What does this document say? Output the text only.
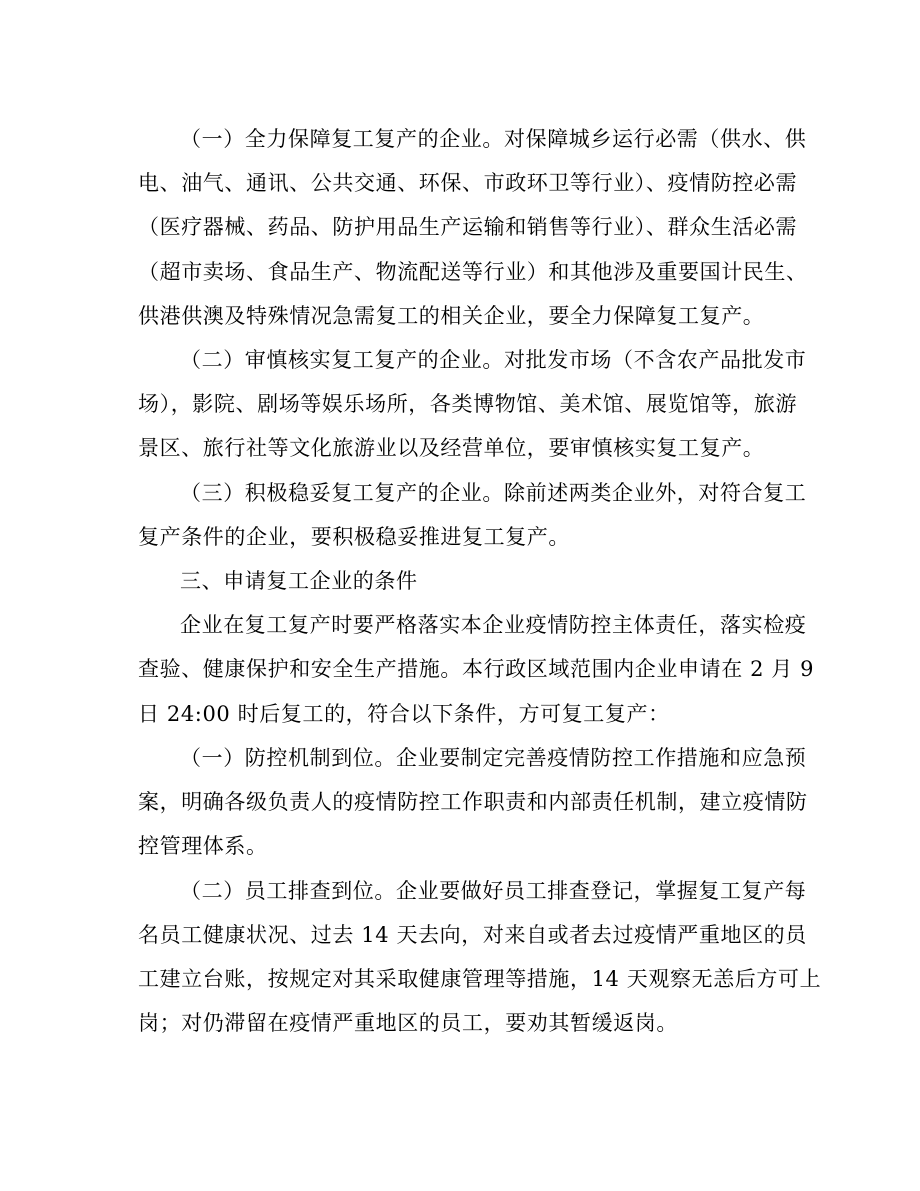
（一）全力保障复工复产的企业。对保障城乡运行必需（供水、供

电、油气、通讯、公共交通、环保、市政环卫等行业）、疫情防控必需

（医疗器械、药品、防护用品生产运输和销售等行业）、群众生活必需

（超市卖场、食品生产、物流配送等行业）和其他涉及重要国计民生、

供港供澳及特殊情况急需复工的相关企业，要全力保障复工复产。

（二）审慎核实复工复产的企业。对批发市场（不含农产品批发市

场），影院、剧场等娱乐场所，各类博物馆、美术馆、展览馆等，旅游

景区、旅行社等文化旅游业以及经营单位，要审慎核实复工复产。

（三）积极稳妥复工复产的企业。除前述两类企业外，对符合复工

复产条件的企业，要积极稳妥推进复工复产。

三、申请复工企业的条件

企业在复工复产时要严格落实本企业疫情防控主体责任，落实检疫

查验、健康保护和安全生产措施。本行政区域范围内企业申请在 2 月 9

日 24:00 时后复工的，符合以下条件，方可复工复产：

（一）防控机制到位。企业要制定完善疫情防控工作措施和应急预

案，明确各级负责人的疫情防控工作职责和内部责任机制，建立疫情防

控管理体系。

（二）员工排查到位。企业要做好员工排查登记，掌握复工复产每

名员工健康状况、过去 14 天去向，对来自或者去过疫情严重地区的员

工建立台账，按规定对其采取健康管理等措施，14 天观察无恙后方可上

岗；对仍滞留在疫情严重地区的员工，要劝其暂缓返岗。
